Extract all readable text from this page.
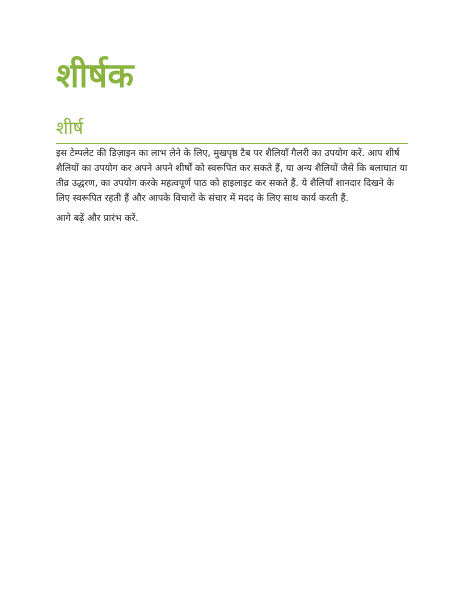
शीर्षक
शीर्ष

इस टेम्पलेट की डिज़ाइन का लाभ लेने के लिए, मुखपृष्ठ टैब पर शैलियाँ गैलरी का उपयोग करें. आप शीर्ष शैलियों का उपयोग कर अपने अपने शीर्षों को स्वरूपित कर सकते हैं, या अन्य शैलियों जैसे कि बलाघात या तीव्र उद्धरण, का उपयोग करके महत्वपूर्ण पाठ को हाइलाइट कर सकते हैं. ये शैलियाँ शानदार दिखने के लिए स्वरूपित रहती हैं और आपके विचारों के संचार में मदद के लिए साथ कार्य करती हैं.

आगे बढ़ें और प्रारंभ करें.
